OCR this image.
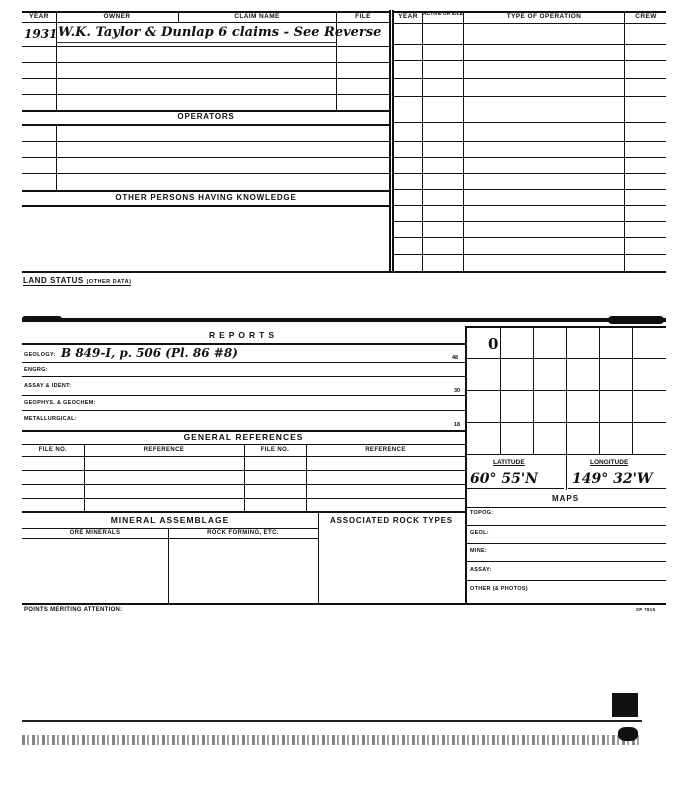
YEAR	OWNER	CLAIM NAME	FILE
1931 W.K. Taylor & Dunlap 6 claims - See Reverse
OPERATORS
OTHER PERSONS HAVING KNOWLEDGE
YEAR	ACTIVE OR IDLE	TYPE OF OPERATION	CREW
LAND STATUS (OTHER DATA)
REPORTS
GEOLOGY: B 849-I, p. 506 (Pl. 86 #8)	48
ENGRG:
ASSAY & IDENT:
30
GEOPHYS. & GEOCHEM:
METALLURGICAL:
18
GENERAL REFERENCES
FILE NO.	REFERENCE	FILE NO.	REFERENCE
MINERAL ASSEMBLAGE
ORE MINERALS	ROCK FORMING, ETC.
ASSOCIATED ROCK TYPES
0
LATITUDE	LONGITUDE
60° 55'N 149° 32'W
MAPS
TOPOG:
GEOL:
MINE:
ASSAY:
OTHER (& PHOTOS)
POINTS MERITING ATTENTION:	SP 7815
